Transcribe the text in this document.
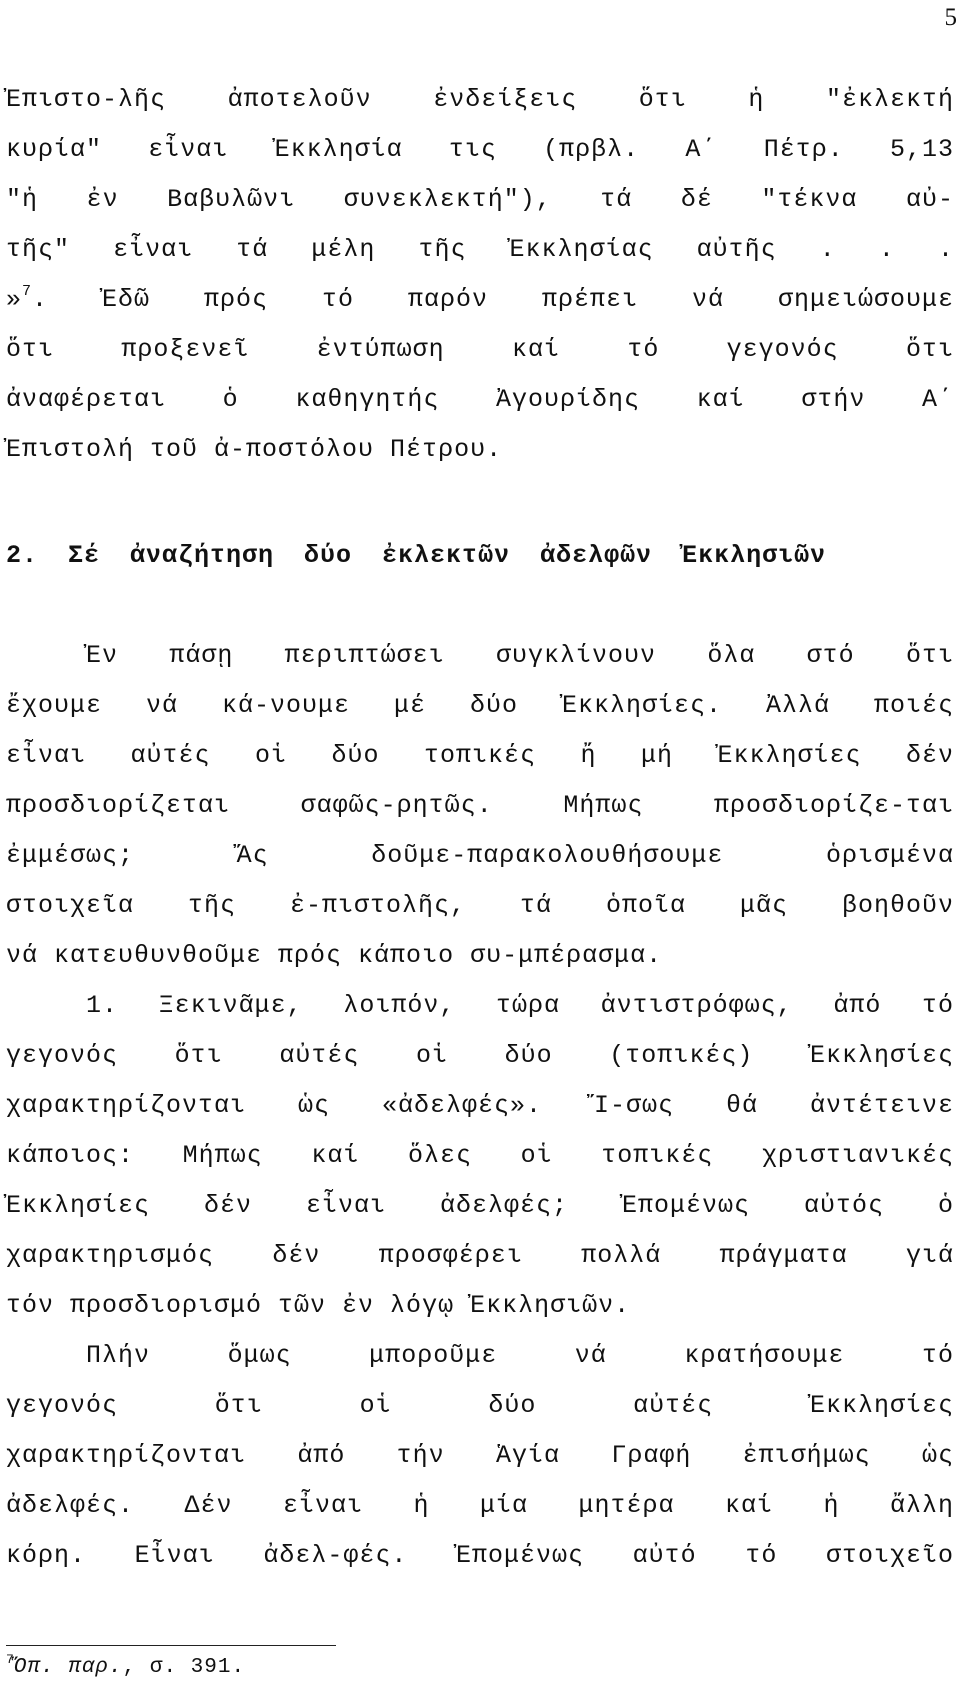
5
Ἐπιστο-λῆς ἀποτελοῦν ἐνδείξεις ὅτι ἡ "ἐκλεκτή
κυρία" εἶναι Ἐκκλησία τις (πρβλ. Α΄ Πέτρ. 5,13
"ἡ ἐν Βαβυλῶνι συνεκλεκτή"), τά δέ "τέκνα αὐ-
τῆς" εἶναι τά μέλη τῆς Ἐκκλησίας αὐτῆς . . .
»$^7$. Ἐδῶ πρός τό παρόν πρέπει νά σημειώσουμε
ὅτι προξενεῖ ἐντύπωση καί τό γεγονός ὅτι
ἀναφέρεται ὁ καθηγητής Ἀγουρίδης καί στήν Α΄
Ἐπιστολή τοῦ ἀ-ποστόλου Πέτρου.
2. Σέ ἀναζήτηση δύο ἐκλεκτῶν ἀδελφῶν Ἐκκλησιῶν
Ἐν πάσῃ περιπτώσει συγκλίνουν ὅλα στό ὅτι
ἔχουμε νά κά-νουμε μέ δύο Ἐκκλησίες. Ἀλλά ποιές
εἶναι αὐτές οἱ δύο τοπικές ἤ μή Ἐκκλησίες δέν
προσδιορίζεται σαφῶς-ρητῶς. Μήπως προσδιορίζε-ται
ἐμμέσως; Ἄς δοῦμε-παρακολουθήσουμε ὁρισμένα
στοιχεῖα τῆς ἐ-πιστολῆς, τά ὁποῖα μᾶς βοηθοῦν
νά κατευθυνθοῦμε πρός κάποιο συ-μπέρασμα.
1. Ξεκινᾶμε, λοιπόν, τώρα ἀντιστρόφως, ἀπό τό
γεγονός ὅτι αὐτές οἱ δύο (τοπικές) Ἐκκλησίες
χαρακτηρίζονται ὡς «ἀδελφές». Ἴ-σως θά ἀντέτεινε
κάποιος: Μήπως καί ὅλες οἱ τοπικές χριστιανικές
Ἐκκλησίες δέν εἶναι ἀδελφές; Ἐπομένως αὐτός ὁ
χαρακτηρισμός δέν προσφέρει πολλά πράγματα γιά
τόν προσδιορισμό τῶν ἐν λόγῳ Ἐκκλησιῶν.
Πλήν ὅμως μποροῦμε νά κρατήσουμε τό
γεγονός ὅτι οἱ δύο αὐτές Ἐκκλησίες
χαρακτηρίζονται ἀπό τήν Ἁγία Γραφή ἐπισήμως ὡς
ἀδελφές. Δέν εἶναι ἡ μία μητέρα καί ἡ ἄλλη
κόρη. Εἶναι ἀδελ-φές. Ἐπομένως αὐτό τό στοιχεῖο
$^7$Ὅπ. παρ., σ. 391.
